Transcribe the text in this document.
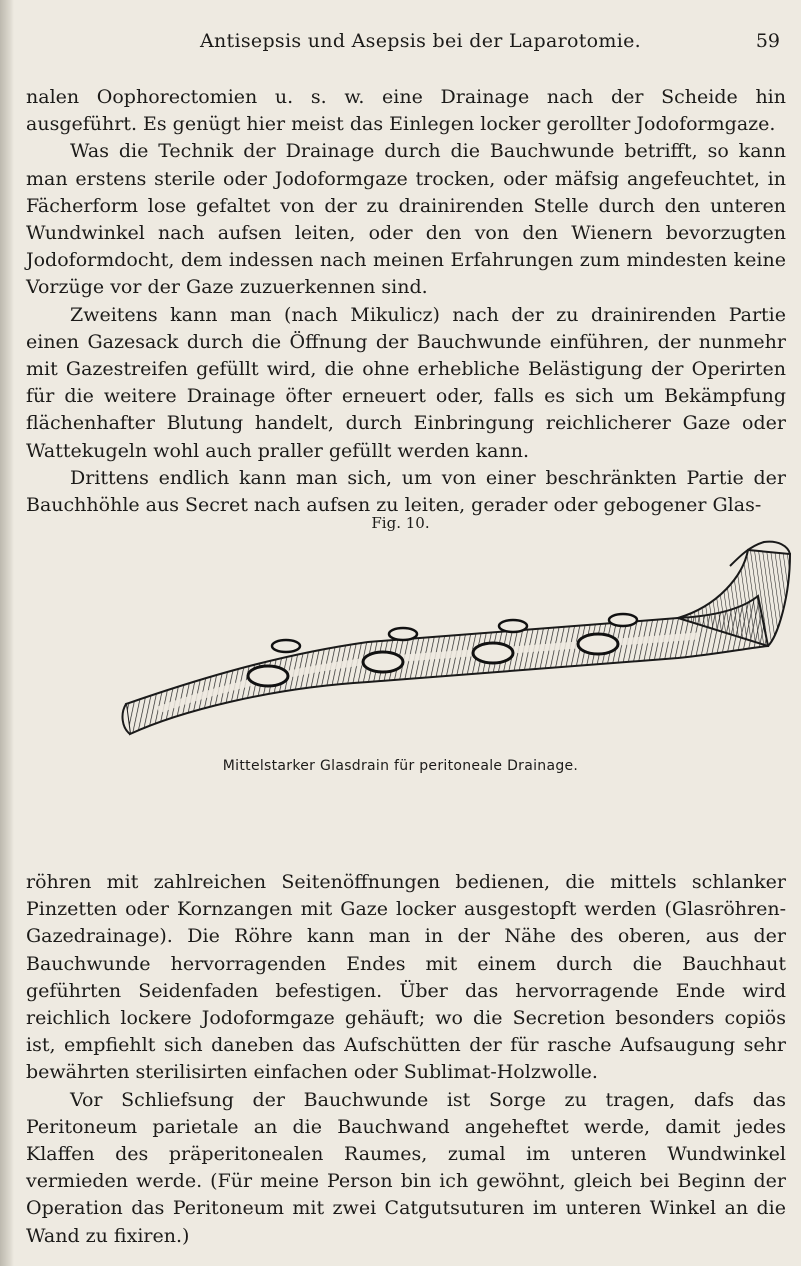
Antisepsis und Asepsis bei der Laparotomie.	59

nalen Oophorectomien u. s. w. eine Drainage nach der Scheide hin ausgeführt. Es genügt hier meist das Einlegen locker gerollter Jodoformgaze.

Was die Technik der Drainage durch die Bauchwunde betrifft, so kann man erstens sterile oder Jodoformgaze trocken, oder mäfsig angefeuchtet, in Fächerform lose gefaltet von der zu drainirenden Stelle durch den unteren Wundwinkel nach aufsen leiten, oder den von den Wienern bevorzugten Jodoformdocht, dem indessen nach meinen Erfahrungen zum mindesten keine Vorzüge vor der Gaze zuzuerkennen sind.

Zweitens kann man (nach Mikulicz) nach der zu drainirenden Partie einen Gazesack durch die Öffnung der Bauchwunde einführen, der nunmehr mit Gazestreifen gefüllt wird, die ohne erhebliche Belästigung der Operirten für die weitere Drainage öfter erneuert oder, falls es sich um Bekämpfung flächenhafter Blutung handelt, durch Einbringung reichlicherer Gaze oder Wattekugeln wohl auch praller gefüllt werden kann.

Drittens endlich kann man sich, um von einer beschränkten Partie der Bauchhöhle aus Secret nach aufsen zu leiten, gerader oder gebogener Glas-

Fig. 10.
Mittelstarker Glasdrain für peritoneale Drainage.

röhren mit zahlreichen Seitenöffnungen bedienen, die mittels schlanker Pinzetten oder Kornzangen mit Gaze locker ausgestopft werden (Glasröhren-Gazedrainage). Die Röhre kann man in der Nähe des oberen, aus der Bauchwunde hervorragenden Endes mit einem durch die Bauchhaut geführten Seidenfaden befestigen. Über das hervorragende Ende wird reichlich lockere Jodoformgaze gehäuft; wo die Secretion besonders copiös ist, empfiehlt sich daneben das Aufschütten der für rasche Aufsaugung sehr bewährten sterilisirten einfachen oder Sublimat-Holzwolle.

Vor Schliefsung der Bauchwunde ist Sorge zu tragen, dafs das Peritoneum parietale an die Bauchwand angeheftet werde, damit jedes Klaffen des präperitonealen Raumes, zumal im unteren Wundwinkel vermieden werde. (Für meine Person bin ich gewöhnt, gleich bei Beginn der Operation das Peritoneum mit zwei Catgutsuturen im unteren Winkel an die Wand zu fixiren.)
